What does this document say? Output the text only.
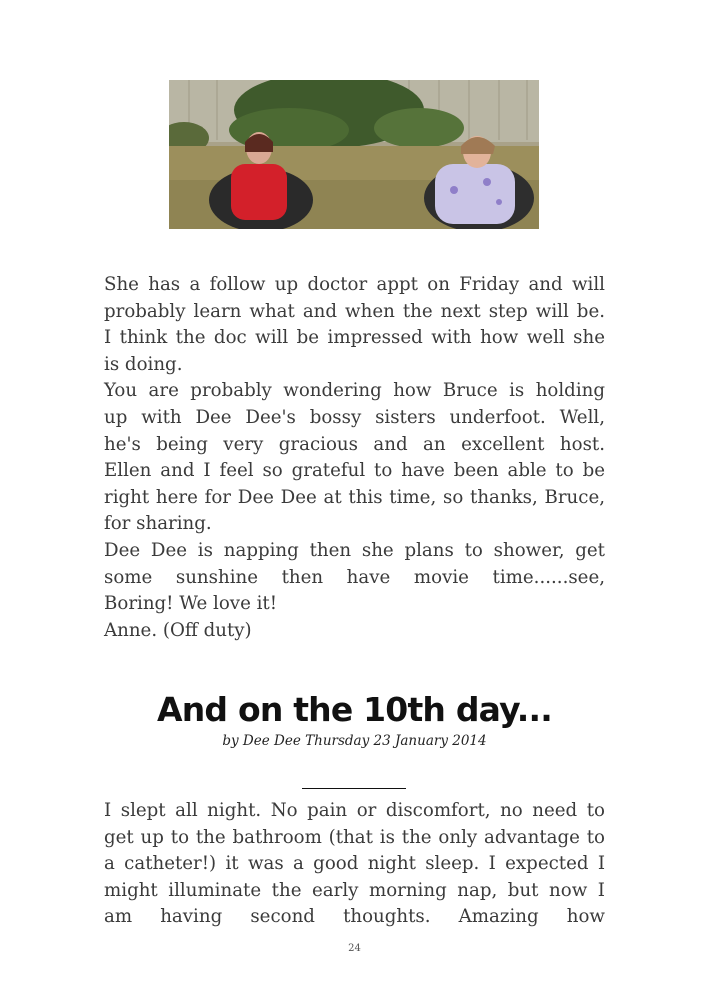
She has a follow up doctor appt on Friday and will

probably learn what and when the next step will be.

I think the doc will be impressed with how well she

is doing.

You are probably wondering how Bruce is holding

up with Dee Dee's bossy sisters underfoot. Well,

he's being very gracious and an excellent host.

Ellen and I feel so grateful to have been able to be

right here for Dee Dee at this time, so thanks, Bruce,

for sharing.

Dee Dee is napping then she plans to shower, get

some sunshine then have movie time......see,

Boring! We love it!

Anne. (Off duty)

And on the 10th day...

by Dee Dee Thursday 23 January 2014

I slept all night. No pain or discomfort, no need to

get up to the bathroom (that is the only advantage to

a catheter!) it was a good night sleep. I expected I

might illuminate the early morning nap, but now I

am having second thoughts. Amazing how

24
